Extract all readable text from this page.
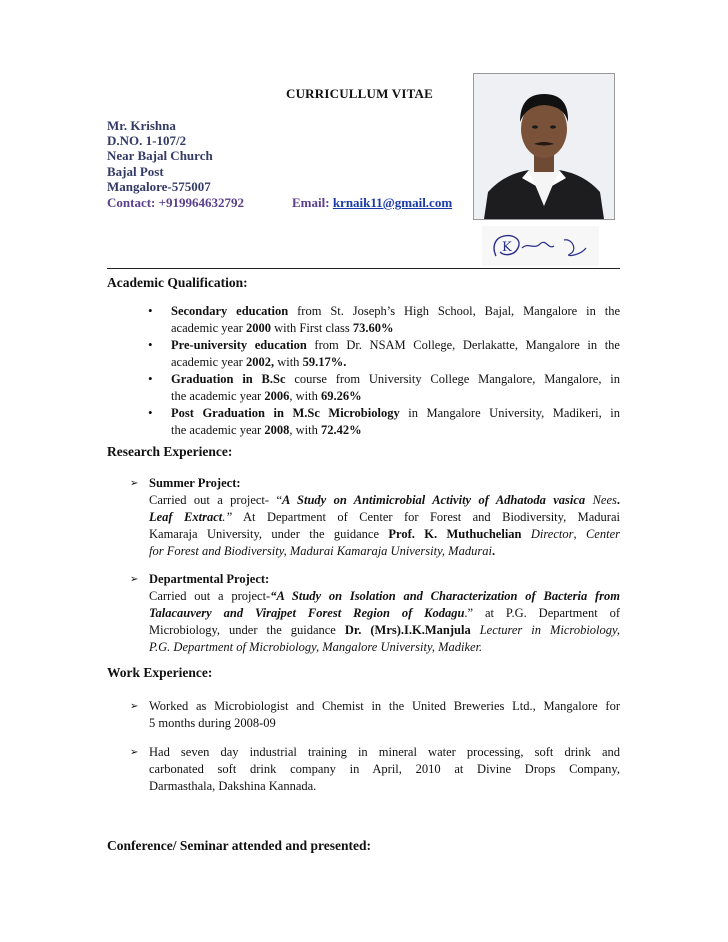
CURRICULLUM VITAE
Mr. Krishna
D.NO. 1-107/2
Near Bajal Church
Bajal Post
Mangalore-575007
Contact: +919964632792	Email: krnaik11@gmail.com
K
Academic Qualification:
• Secondary education from St. Joseph’s High School, Bajal, Mangalore in the
academic year 2000 with First class 73.60%
• Pre-university education from Dr. NSAM College, Derlakatte, Mangalore in the
academic year 2002, with 59.17%.
• Graduation in B.Sc course from University College Mangalore, Mangalore, in
the academic year 2006, with 69.26%
• Post Graduation in M.Sc Microbiology in Mangalore University, Madikeri, in
the academic year 2008, with 72.42%
Research Experience:
➢ Summer Project:
Carried out a project- “A Study on Antimicrobial Activity of Adhatoda vasica Nees.
Leaf Extract.” At Department of Center for Forest and Biodiversity, Madurai
Kamaraja University, under the guidance Prof. K. Muthuchelian Director, Center
for Forest and Biodiversity, Madurai Kamaraja University, Madurai.
➢ Departmental Project:
Carried out a project-“A Study on Isolation and Characterization of Bacteria from
Talacauvery and Virajpet Forest Region of Kodagu.” at P.G. Department of
Microbiology, under the guidance Dr. (Mrs).I.K.Manjula Lecturer in Microbiology,
P.G. Department of Microbiology, Mangalore University, Madiker.
Work Experience:
➢ Worked as Microbiologist and Chemist in the United Breweries Ltd., Mangalore for
5 months during 2008-09
➢ Had seven day industrial training in mineral water processing, soft drink and
carbonated soft drink company in April, 2010 at Divine Drops Company,
Darmasthala, Dakshina Kannada.
Conference/ Seminar attended and presented:
